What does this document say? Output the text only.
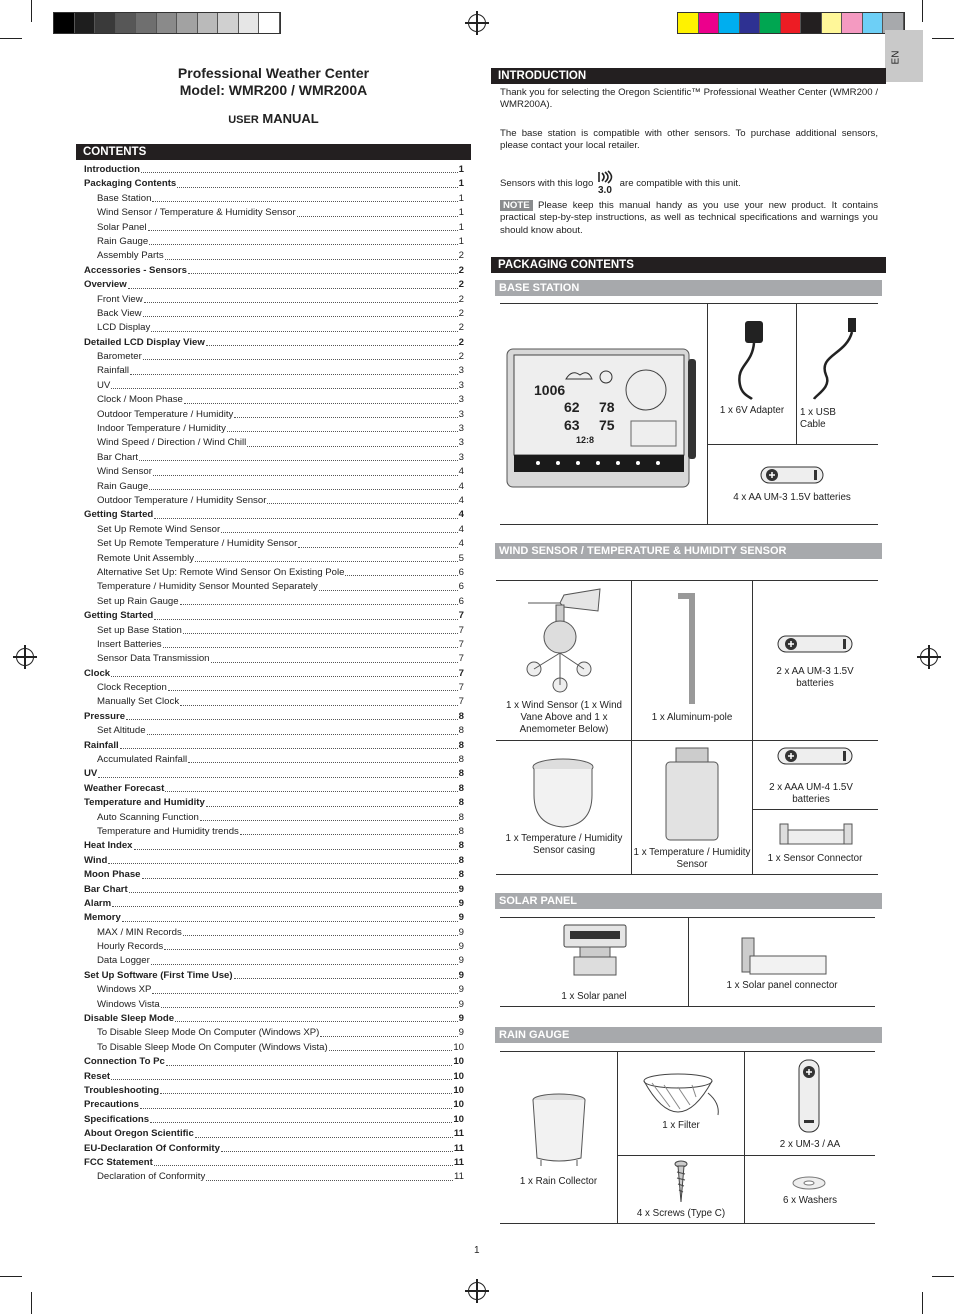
EN
Professional Weather Center
Model: WMR200 / WMR200A
USER MANUAL
CONTENTS
Introduction	1
Packaging Contents	1
Base Station	1
Wind Sensor / Temperature & Humidity Sensor	1
Solar Panel	1
Rain Gauge	1
Assembly Parts	2
Accessories - Sensors	2
Overview	2
Front View	2
Back View	2
LCD Display	2
Detailed LCD Display View	2
Barometer	2
Rainfall	3
UV	3
Clock / Moon Phase	3
Outdoor Temperature / Humidity	3
Indoor Temperature / Humidity	3
Wind Speed / Direction / Wind Chill	3
Bar Chart	3
Wind Sensor	4
Rain Gauge	4
Outdoor Temperature / Humidity Sensor	4
Getting Started	4
Set Up Remote Wind Sensor	4
Set Up Remote Temperature / Humidity Sensor	4
Remote Unit Assembly	5
Alternative Set Up: Remote Wind Sensor On Existing Pole	6
Temperature / Humidity Sensor Mounted Separately	6
Set up Rain Gauge	6
Getting Started	7
Set up Base Station	7
Insert Batteries	7
Sensor Data Transmission	7
Clock	7
Clock Reception	7
Manually Set Clock	7
Pressure	8
Set Altitude	8
Rainfall	8
Accumulated Rainfall	8
UV	8
Weather Forecast	8
Temperature and Humidity	8
Auto Scanning Function	8
Temperature and Humidity trends	8
Heat Index	8
Wind	8
Moon Phase	8
Bar Chart	9
Alarm	9
Memory	9
MAX / MIN Records	9
Hourly Records	9
Data Logger	9
Set Up Software (First Time Use)	9
Windows XP	9
Windows Vista	9
Disable Sleep Mode	9
To Disable Sleep Mode On Computer (Windows XP)	9
To Disable Sleep Mode On Computer (Windows Vista)	10
Connection To Pc	10
Reset	10
Troubleshooting	10
Precautions	10
Specifications	10
About Oregon Scientific	11
EU-Declaration Of Conformity	11
FCC Statement	11
Declaration of Conformity	11
INTRODUCTION
Thank you for selecting the Oregon Scientific™ Professional Weather Center (WMR200 / WMR200A).
The base station is compatible with other sensors. To purchase additional sensors, please contact your local retailer.
Sensors with this logo
3.0
are compatible with this unit.
NOTE Please keep this manual handy as you use your new product. It contains practical step-by-step instructions, as well as technical specifications and warnings you should know about.
PACKAGING CONTENTS
BASE STATION
1006
62 78
63 75
12:8
1 x 6V Adapter	1 x USB Cable
4 x AA UM-3 1.5V batteries
WIND SENSOR / TEMPERATURE & HUMIDITY SENSOR
1 x Wind Sensor (1 x Wind Vane Above and 1 x Anemometer Below)
1 x Aluminum-pole
2 x AA UM-3 1.5V batteries
1 x Temperature / Humidity Sensor casing	1 x Temperature / Humidity Sensor
2 x AAA UM-4 1.5V batteries
1 x Sensor Connector
SOLAR PANEL
1 x Solar panel
1 x Solar panel connector
RAIN GAUGE
1 x Rain Collector
1 x Filter
2 x UM-3 / AA
4 x Screws (Type C)
6 x Washers
1
